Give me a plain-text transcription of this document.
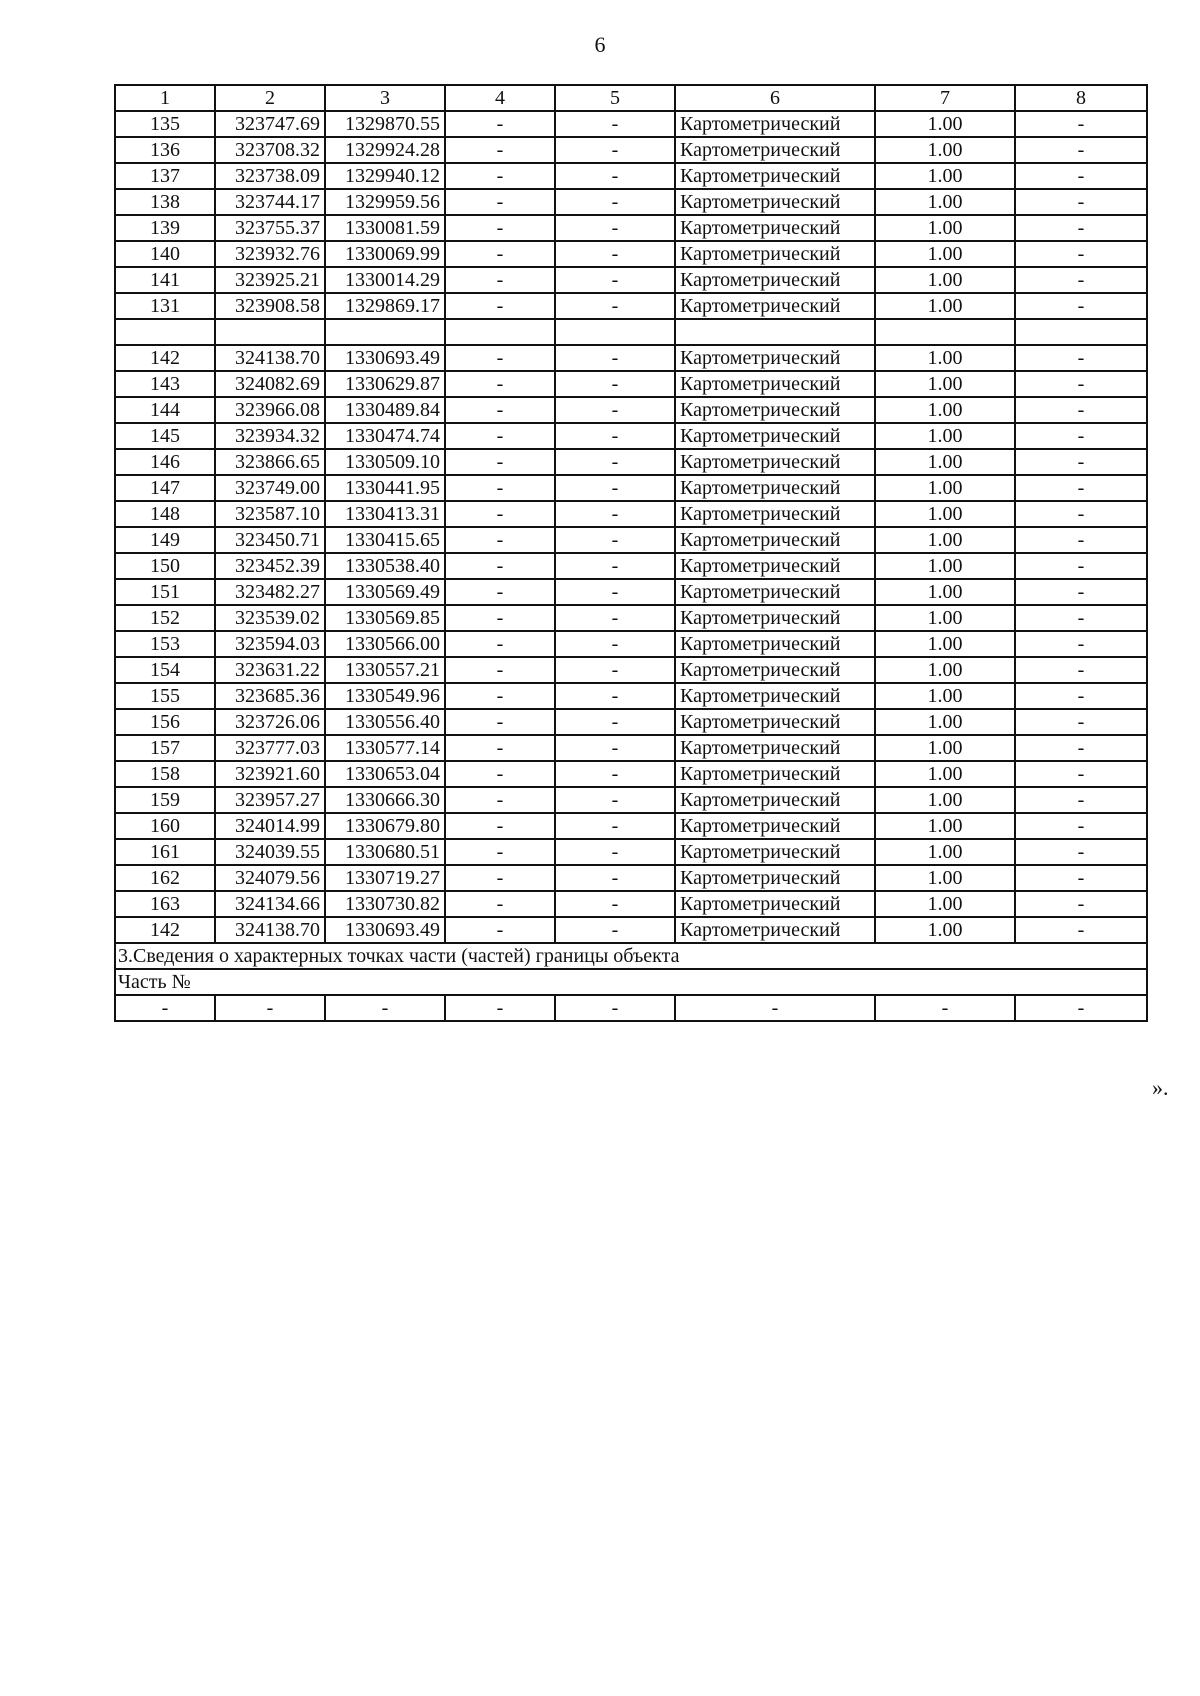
6
1	2	3	4	5	6	7	8
135	323747.69	1329870.55	-	-	Картометрический	1.00	-
136	323708.32	1329924.28	-	-	Картометрический	1.00	-
137	323738.09	1329940.12	-	-	Картометрический	1.00	-
138	323744.17	1329959.56	-	-	Картометрический	1.00	-
139	323755.37	1330081.59	-	-	Картометрический	1.00	-
140	323932.76	1330069.99	-	-	Картометрический	1.00	-
141	323925.21	1330014.29	-	-	Картометрический	1.00	-
131	323908.58	1329869.17	-	-	Картометрический	1.00	-

142	324138.70	1330693.49	-	-	Картометрический	1.00	-
143	324082.69	1330629.87	-	-	Картометрический	1.00	-
144	323966.08	1330489.84	-	-	Картометрический	1.00	-
145	323934.32	1330474.74	-	-	Картометрический	1.00	-
146	323866.65	1330509.10	-	-	Картометрический	1.00	-
147	323749.00	1330441.95	-	-	Картометрический	1.00	-
148	323587.10	1330413.31	-	-	Картометрический	1.00	-
149	323450.71	1330415.65	-	-	Картометрический	1.00	-
150	323452.39	1330538.40	-	-	Картометрический	1.00	-
151	323482.27	1330569.49	-	-	Картометрический	1.00	-
152	323539.02	1330569.85	-	-	Картометрический	1.00	-
153	323594.03	1330566.00	-	-	Картометрический	1.00	-
154	323631.22	1330557.21	-	-	Картометрический	1.00	-
155	323685.36	1330549.96	-	-	Картометрический	1.00	-
156	323726.06	1330556.40	-	-	Картометрический	1.00	-
157	323777.03	1330577.14	-	-	Картометрический	1.00	-
158	323921.60	1330653.04	-	-	Картометрический	1.00	-
159	323957.27	1330666.30	-	-	Картометрический	1.00	-
160	324014.99	1330679.80	-	-	Картометрический	1.00	-
161	324039.55	1330680.51	-	-	Картометрический	1.00	-
162	324079.56	1330719.27	-	-	Картометрический	1.00	-
163	324134.66	1330730.82	-	-	Картометрический	1.00	-
142	324138.70	1330693.49	-	-	Картометрический	1.00	-
3.Сведения о характерных точках части (частей) границы объекта							
Часть №							
-	-	-	-	-	-	-	-
».
